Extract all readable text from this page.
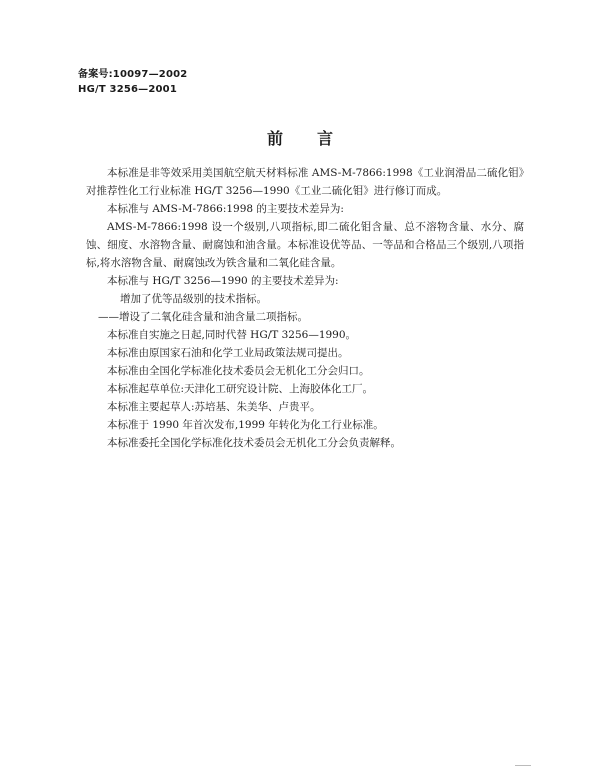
备案号:10097—2002
HG/T 3256—2001
前言

本标准是非等效采用美国航空航天材料标准 AMS-M-7866:1998《工业润滑品二硫化钼》对推荐性化工行业标准 HG/T 3256—1990《工业二硫化钼》进行修订而成。

本标准与 AMS-M-7866:1998 的主要技术差异为:

AMS-M-7866:1998 设一个级别,八项指标,即二硫化钼含量、总不溶物含量、水分、腐蚀、细度、水溶物含量、耐腐蚀和油含量。本标准设优等品、一等品和合格品三个级别,八项指标,将水溶物含量、耐腐蚀改为铁含量和二氧化硅含量。

本标准与 HG/T 3256—1990 的主要技术差异为:

增加了优等品级别的技术指标。

——增设了二氧化硅含量和油含量二项指标。

本标准自实施之日起,同时代替 HG/T 3256—1990。

本标准由原国家石油和化学工业局政策法规司提出。

本标准由全国化学标准化技术委员会无机化工分会归口。

本标准起草单位:天津化工研究设计院、上海胶体化工厂。

本标准主要起草人:苏培基、朱美华、卢贵平。

本标准于 1990 年首次发布,1999 年转化为化工行业标准。

本标准委托全国化学标准化技术委员会无机化工分会负责解释。
